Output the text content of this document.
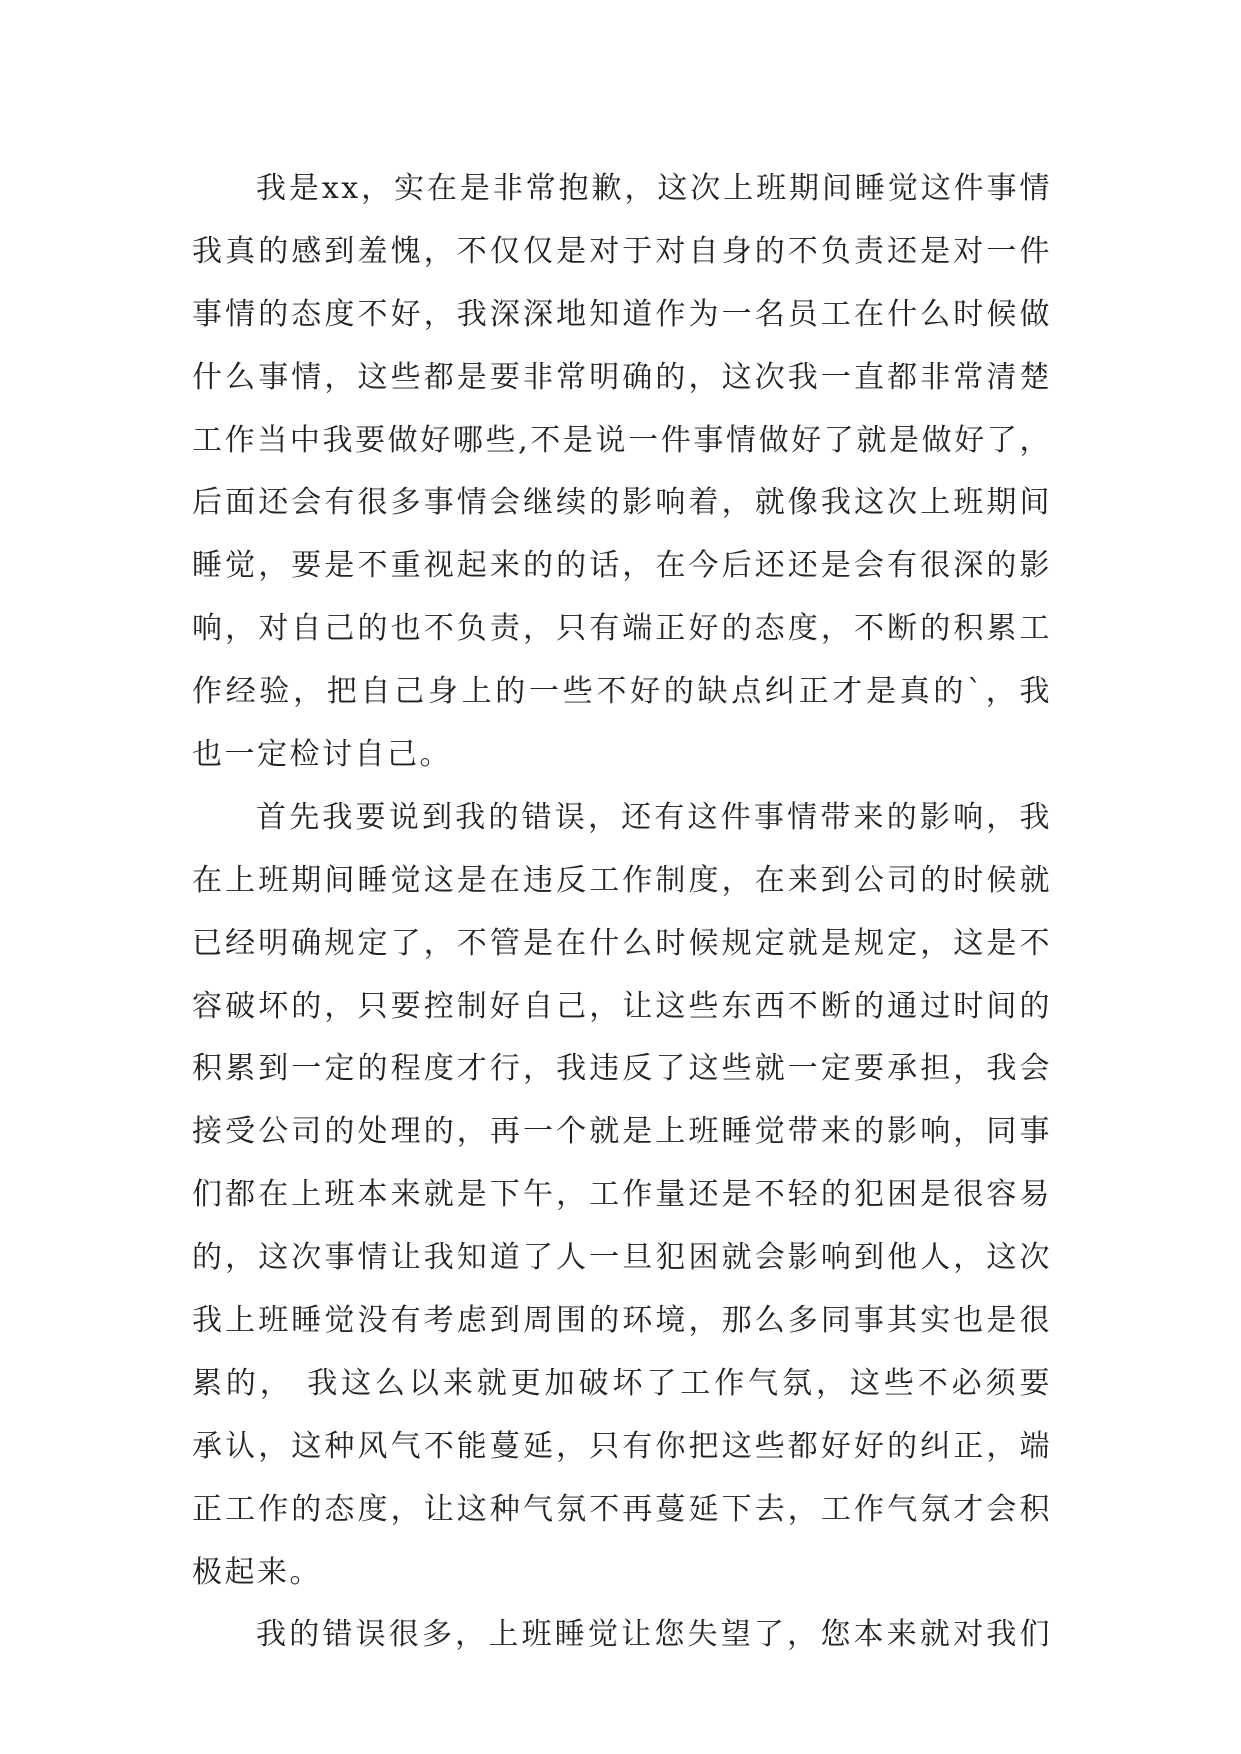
我是xx，实在是非常抱歉，这次上班期间睡觉这件事情
我真的感到羞愧，不仅仅是对于对自身的不负责还是对一件
事情的态度不好，我深深地知道作为一名员工在什么时候做
什么事情，这些都是要非常明确的，这次我一直都非常清楚
工作当中我要做好哪些,不是说一件事情做好了就是做好了，
后面还会有很多事情会继续的影响着，就像我这次上班期间
睡觉，要是不重视起来的的话，在今后还还是会有很深的影
响，对自己的也不负责，只有端正好的态度，不断的积累工
作经验，把自己身上的一些不好的缺点纠正才是真的`，我
也一定检讨自己。
首先我要说到我的错误，还有这件事情带来的影响，我
在上班期间睡觉这是在违反工作制度，在来到公司的时候就
已经明确规定了，不管是在什么时候规定就是规定，这是不
容破坏的，只要控制好自己，让这些东西不断的通过时间的
积累到一定的程度才行，我违反了这些就一定要承担，我会
接受公司的处理的，再一个就是上班睡觉带来的影响，同事
们都在上班本来就是下午，工作量还是不轻的犯困是很容易
的，这次事情让我知道了人一旦犯困就会影响到他人，这次
我上班睡觉没有考虑到周围的环境，那么多同事其实也是很
累的， 我这么以来就更加破坏了工作气氛，这些不必须要
承认，这种风气不能蔓延，只有你把这些都好好的纠正，端
正工作的态度，让这种气氛不再蔓延下去，工作气氛才会积
极起来。
我的错误很多，上班睡觉让您失望了，您本来就对我们
